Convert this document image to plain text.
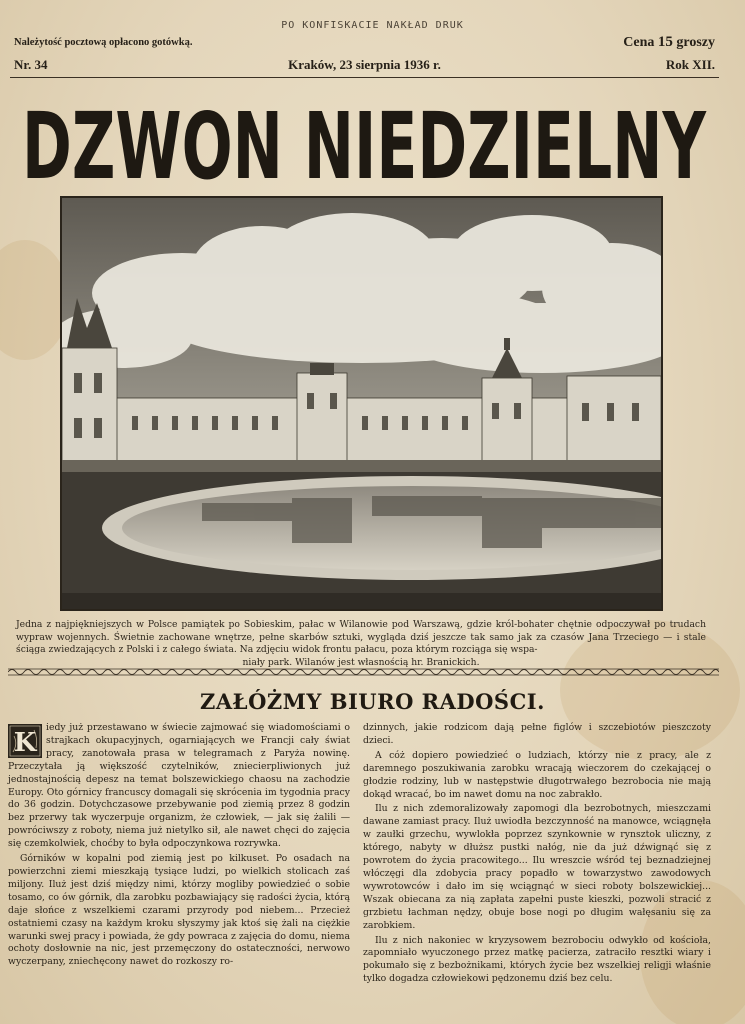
PO KONFISKACIE NAKŁAD DRUK
Należytość pocztową opłacono gotówką.	Cena 15 groszy
Nr. 34	Kraków, 23 sierpnia 1936 r.	Rok XII.
DZWON NIEDZIELNY
Jedna z najpiękniejszych w Polsce pamiątek po Sobieskim, pałac w Wilanowie pod Warszawą, gdzie król-bohater chętnie odpoczywał po trudach wypraw wojennych. Świetnie zachowane wnętrze, pełne skarbów sztuki, wygląda dziś jeszcze tak samo jak za czasów Jana Trzeciego — i stale ściąga zwiedzających z Polski i z całego świata. Na zdjęciu widok frontu pałacu, poza którym rozciąga się wspa-
niały park. Wilanów jest własnością hr. Branickich.
ZAŁÓŻMY BIURO RADOŚCI.

K
iedy już przestawano w świecie zajmować się wiadomościami o strajkach okupacyjnych, ogarniających we Francji cały świat pracy, zanotowała prasa w telegramach z Paryża nowinę. Przeczytała ją większość czytelników, zniecierpliwionych już jednostajnością depesz na temat bolszewickiego chaosu na zachodzie Europy. Oto górnicy francuscy domagali się skrócenia im tygodnia pracy do 36 godzin. Dotychczasowe przebywanie pod ziemią przez 8 godzin bez przerwy tak wyczerpuje organizm, że człowiek, — jak się żalili — powróciwszy z roboty, niema już nietylko sił, ale nawet chęci do zajęcia się czemkolwiek, choćby to była odpoczynkowa rozrywka.

Górników w kopalni pod ziemią jest po kilkuset. Po osadach na powierzchni ziemi mieszkają tysiące ludzi, po wielkich stolicach zaś miljony. Iluż jest dziś między nimi, którzy mogliby powiedzieć o sobie tosamo, co ów górnik, dla zarobku pozbawiający się radości życia, którą daje słońce z wszelkiemi czarami przyrody pod niebem... Przecież ostatniemi czasy na każdym kroku słyszymy jak ktoś się żali na ciężkie warunki swej pracy i powiada, że gdy powraca z zajęcia do domu, niema ochoty dosłownie na nic, jest przemęczony do ostateczności, nerwowo wyczerpany, zniechęcony nawet do rozkoszy ro-

dzinnych, jakie rodzicom dają pełne figlów i szczebiotów pieszczoty dzieci.

A cóż dopiero powiedzieć o ludziach, którzy nie z pracy, ale z daremnego poszukiwania zarobku wracają wieczorem do czekającej o głodzie rodziny, lub w następstwie długotrwałego bezrobocia nie mają dokąd wracać, bo im nawet domu na noc zabrakło.

Ilu z nich zdemoralizowały zapomogi dla bezrobotnych, mieszczami dawane zamiast pracy. Iluż uwiodła bezczynność na manowce, wciągnęła w zaułki grzechu, wywlokła poprzez szynkownie w rynsztok uliczny, z którego, nabyty w dłuższ pustki nałóg, nie da już dźwignąć się z powrotem do życia pracowitego... Ilu wreszcie wśród tej beznadziejnej włóczęgi dla zdobycia pracy popadło w towarzystwo zawodowych wywrotowców i dało im się wciągnąć w sieci roboty bolszewickiej... Wszak obiecana za nią zapłata zapełni puste kieszki, pozwoli stracić z grzbietu łachman nędzy, obuje bose nogi po długim wałęsaniu się za zarobkiem.

Ilu z nich nakoniec w kryzysowem bezrobociu odwykło od kościoła, zapomniało wyuczonego przez matkę pacierza, zatraciło resztki wiary i pokumało się z bezbożnikami, których życie bez wszelkiej religji właśnie tylko dogadza człowiekowi pędzonemu dziś bez celu.
